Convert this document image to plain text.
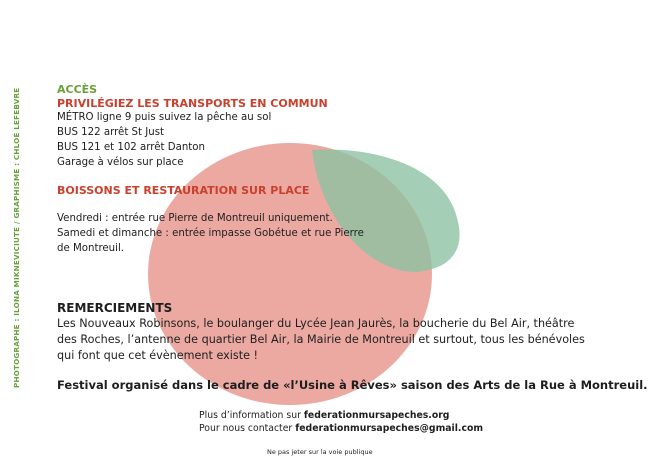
PHOTOGRAPHE : ILONA MIKNEVICIUTE / GRAPHISME : CHLOÉ LEFEBVRE	ACCÈS
PRIVILÉGIEZ LES TRANSPORTS EN COMMUN
MÉTRO ligne 9 puis suivez la pêche au sol
BUS 122 arrêt St Just
BUS 121 et 102 arrêt Danton
Garage à vélos sur place
BOISSONS ET RESTAURATION SUR PLACE
Vendredi : entrée rue Pierre de Montreuil uniquement.
Samedi et dimanche : entrée impasse Gobétue et rue Pierre
de Montreuil.
REMERCIEMENTS
Les Nouveaux Robinsons, le boulanger du Lycée Jean Jaurès, la boucherie du Bel Air, théâtre
des Roches, l’antenne de quartier Bel Air, la Mairie de Montreuil et surtout, tous les bénévoles
qui font que cet évènement existe !
Festival organisé dans le cadre de «l’Usine à Rêves» saison des Arts de la Rue à Montreuil.
Plus d’information sur federationmursapeches.org
Pour nous contacter federationmursapeches@gmail.com
Ne pas jeter sur la voie publique
